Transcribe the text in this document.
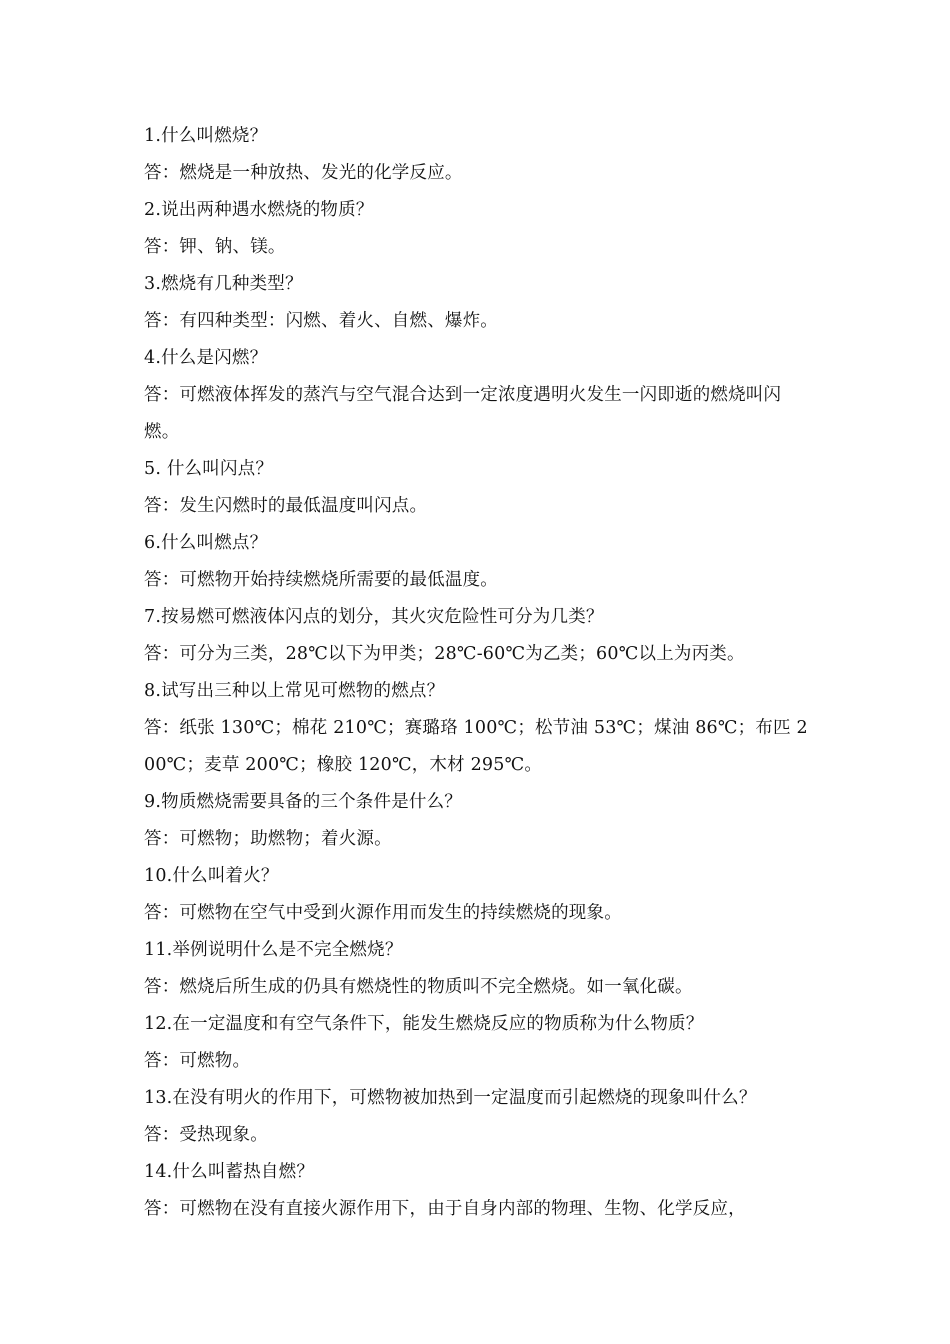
1.什么叫燃烧？

答：燃烧是一种放热、发光的化学反应。

2.说出两种遇水燃烧的物质？

答：钾、钠、镁。

3.燃烧有几种类型？

答：有四种类型：闪燃、着火、自燃、爆炸。

4.什么是闪燃？

答：可燃液体挥发的蒸汽与空气混合达到一定浓度遇明火发生一闪即逝的燃烧叫闪燃。

5. 什么叫闪点？

答：发生闪燃时的最低温度叫闪点。

6.什么叫燃点？

答：可燃物开始持续燃烧所需要的最低温度。

7.按易燃可燃液体闪点的划分，其火灾危险性可分为几类？

答：可分为三类，28℃以下为甲类；28℃-60℃为乙类；60℃以上为丙类。

8.试写出三种以上常见可燃物的燃点？

答：纸张 130℃；棉花 210℃；赛璐珞 100℃；松节油 53℃；煤油 86℃；布匹 200℃；麦草 200℃；橡胶 120℃，木材 295℃。

9.物质燃烧需要具备的三个条件是什么？

答：可燃物；助燃物；着火源。

10.什么叫着火？

答：可燃物在空气中受到火源作用而发生的持续燃烧的现象。

11.举例说明什么是不完全燃烧？

答：燃烧后所生成的仍具有燃烧性的物质叫不完全燃烧。如一氧化碳。

12.在一定温度和有空气条件下，能发生燃烧反应的物质称为什么物质？

答：可燃物。

13.在没有明火的作用下，可燃物被加热到一定温度而引起燃烧的现象叫什么？

答：受热现象。

14.什么叫蓄热自燃？

答：可燃物在没有直接火源作用下，由于自身内部的物理、生物、化学反应，
